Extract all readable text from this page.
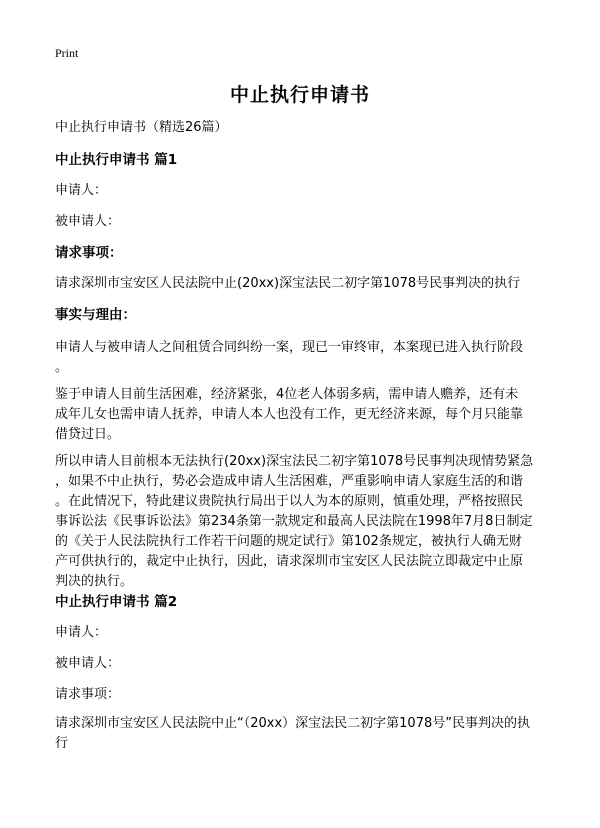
Print
中止执行申请书
中止执行申请书（精选26篇）
中止执行申请书 篇1
申请人：
被申请人：
请求事项：
请求深圳市宝安区人民法院中止(20xx)深宝法民二初字第1078号民事判决的执行
事实与理由：
申请人与被申请人之间租赁合同纠纷一案，现已一审终审，本案现已进入执行阶段
。
鉴于申请人目前生活困难，经济紧张，4位老人体弱多病，需申请人赡养，还有未
成年儿女也需申请人抚养，申请人本人也没有工作，更无经济来源，每个月只能靠
借贷过日。
所以申请人目前根本无法执行(20xx)深宝法民二初字第1078号民事判决现情势紧急
，如果不中止执行，势必会造成申请人生活困难，严重影响申请人家庭生活的和谐
。在此情况下，特此建议贵院执行局出于以人为本的原则，慎重处理，严格按照民
事诉讼法《民事诉讼法》第234条第一款规定和最高人民法院在1998年7月8日制定
的《关于人民法院执行工作若干问题的规定试行》第102条规定，被执行人确无财
产可供执行的，裁定中止执行，因此，请求深圳市宝安区人民法院立即裁定中止原
判决的执行。
中止执行申请书 篇2
申请人：
被申请人：
请求事项：
请求深圳市宝安区人民法院中止“（20xx）深宝法民二初字第1078号”民事判决的执
行
